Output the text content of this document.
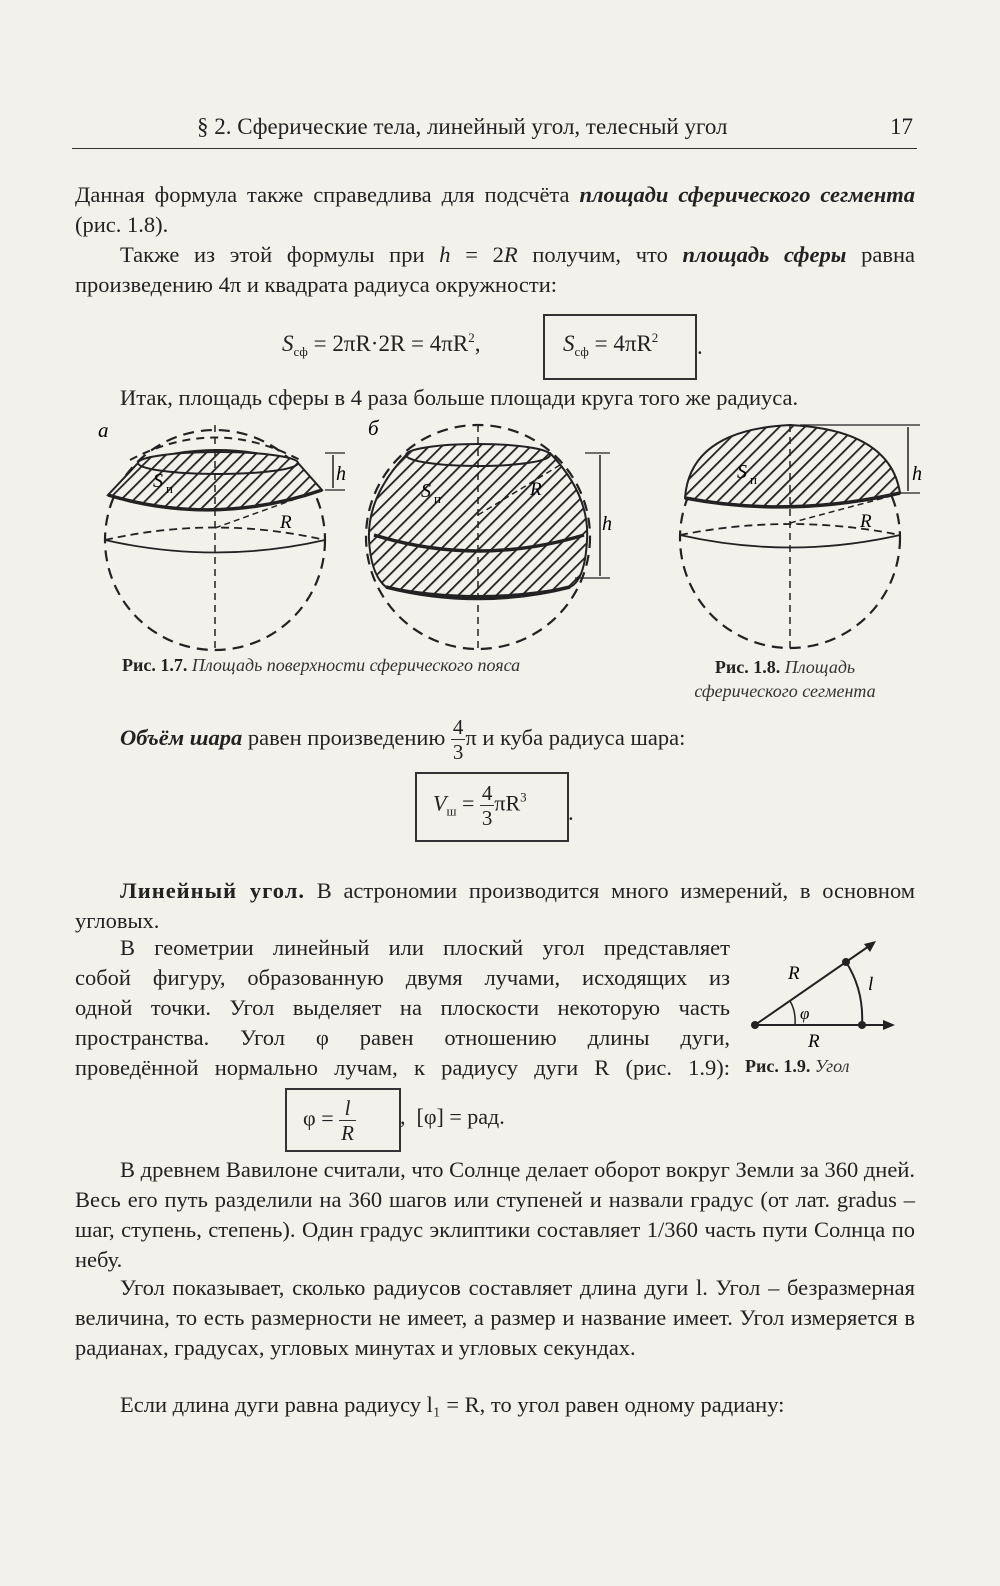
§ 2. Сферические тела, линейный угол, телесный угол	17
Данная формула также справедлива для подсчёта площади сферического сегмента (рис. 1.8).
Также из этой формулы при h = 2R получим, что площадь сферы равна произведению 4π и квадрата радиуса окружности:
$S_{сф} = 2\pi R\cdot 2R = 4\pi R^2$,	$S_{сф} = 4\pi R^2$ .
Итак, площадь сферы в 4 раза больше площади круга того же радиуса.
а
S п
h
R
б
S п	R
h
S п	h
R
Рис. 1.7. Площадь поверхности сферического пояса	Рис. 1.8. Площадь
сферического сегмента
Объём шара равен произведению $\frac{4}{3}$ π и куба радиуса шара:
$V_ш = \frac{4}{3} \pi R^3$
.
Линейный угол. В астрономии производится много измерений, в основном угловых.
В геометрии линейный или плоский угол представляет
собой фигуру, образованную двумя лучами, исходящих из
одной точки. Угол выделяет на плоскости некоторую часть
пространства. Угол φ равен отношению длины дуги,
проведённой нормально лучам, к радиусу дуги R (рис. 1.9):
R
l
φ
R
Рис. 1.9. Угол
$\varphi = \frac{l}{R}$ , [φ] = рад.
В древнем Вавилоне считали, что Солнце делает оборот вокруг Земли за 360 дней. Весь его путь разделили на 360 шагов или ступеней и назвали градус (от лат. gradus – шаг, ступень, степень). Один градус эклиптики составляет 1/360 часть пути Солнца по небу.
Угол показывает, сколько радиусов составляет длина дуги l. Угол – безразмерная величина, то есть размерности не имеет, а размер и название имеет. Угол измеряется в радианах, градусах, угловых минутах и угловых секундах.
Если длина дуги равна радиусу l₁ = R, то угол равен одному радиану:
